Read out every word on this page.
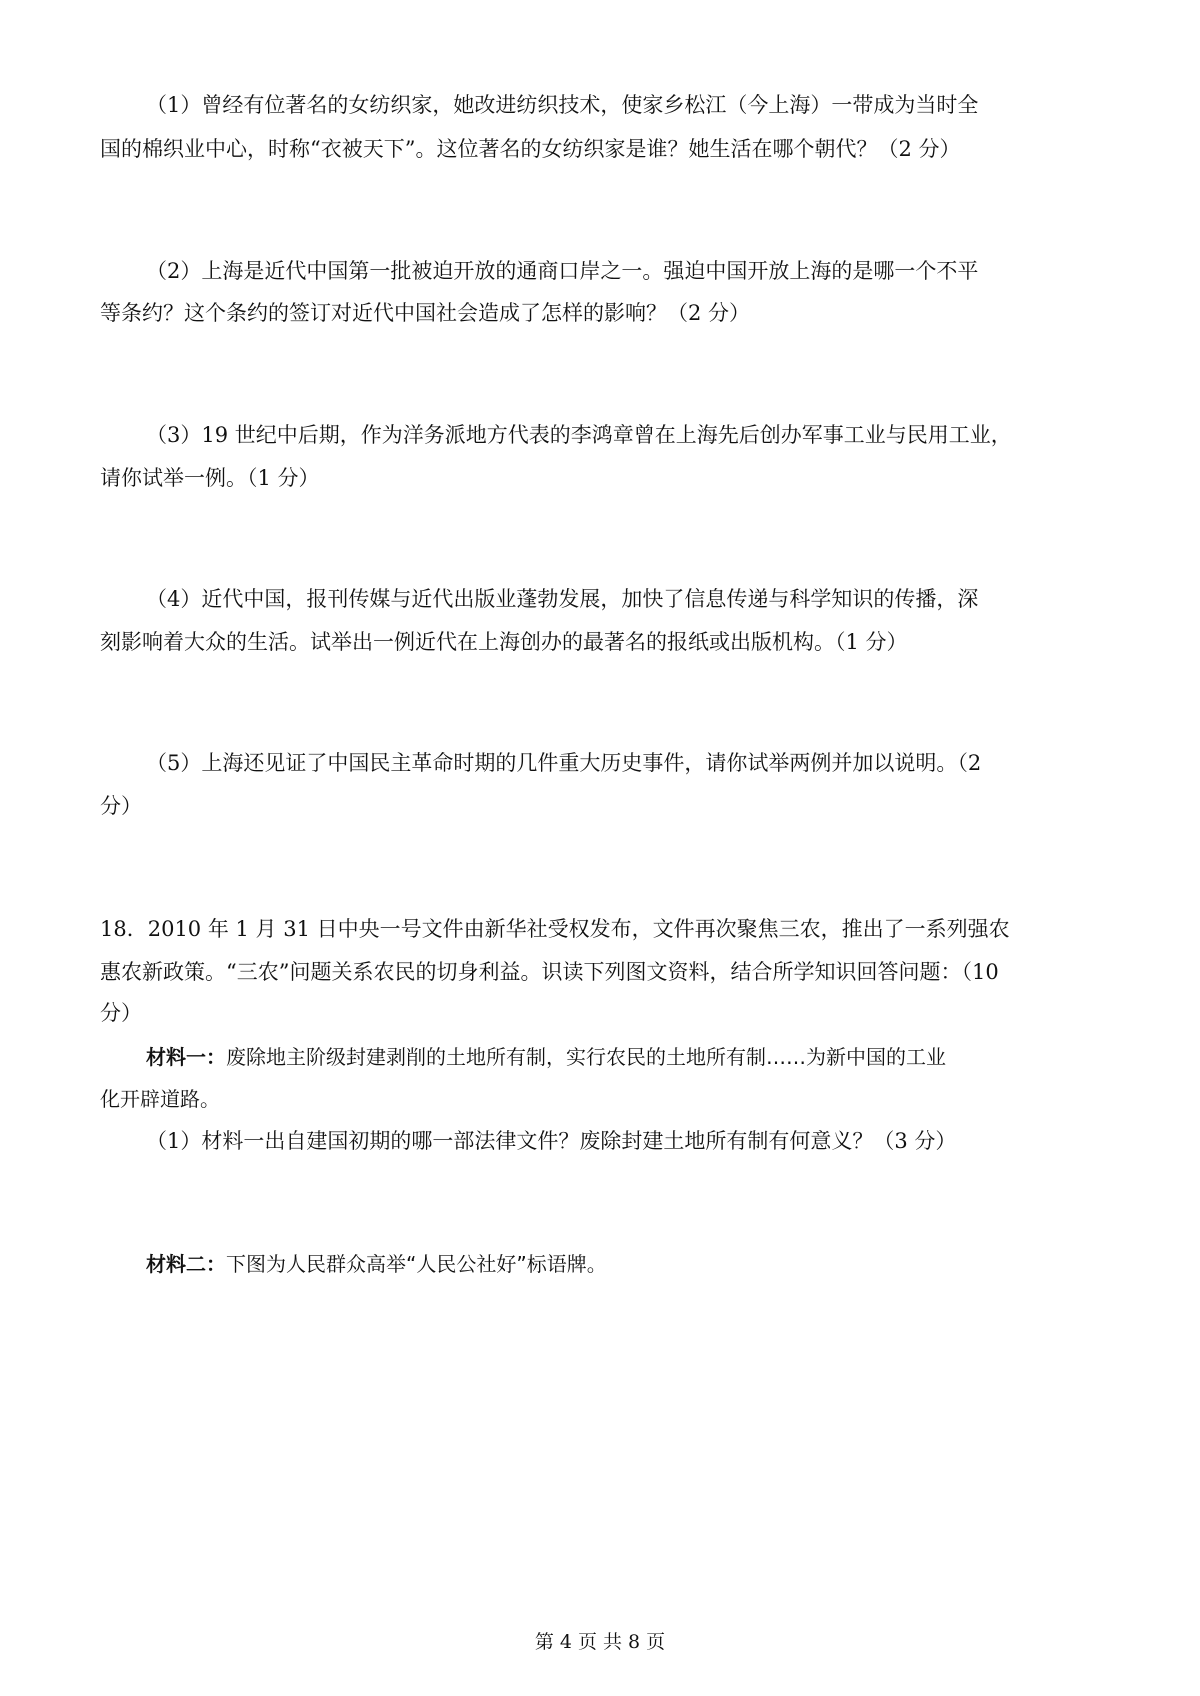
（1）曾经有位著名的女纺织家，她改进纺织技术，使家乡松江（今上海）一带成为当时全
国的棉织业中心，时称“衣被天下”。这位著名的女纺织家是谁？她生活在哪个朝代？（2 分）
（2）上海是近代中国第一批被迫开放的通商口岸之一。强迫中国开放上海的是哪一个不平
等条约？这个条约的签订对近代中国社会造成了怎样的影响？（2 分）
（3）19 世纪中后期，作为洋务派地方代表的李鸿章曾在上海先后创办军事工业与民用工业，
请你试举一例。（1 分）
（4）近代中国，报刊传媒与近代出版业蓬勃发展，加快了信息传递与科学知识的传播，深
刻影响着大众的生活。试举出一例近代在上海创办的最著名的报纸或出版机构。（1 分）
（5）上海还见证了中国民主革命时期的几件重大历史事件，请你试举两例并加以说明。（2
分）
18．2010 年 1 月 31 日中央一号文件由新华社受权发布，文件再次聚焦三农，推出了一系列强农
惠农新政策。“三农”问题关系农民的切身利益。识读下列图文资料，结合所学知识回答问题：（10
分）
材料一：废除地主阶级封建剥削的土地所有制，实行农民的土地所有制……为新中国的工业
化开辟道路。
（1）材料一出自建国初期的哪一部法律文件？废除封建土地所有制有何意义？（3 分）
材料二：下图为人民群众高举“人民公社好”标语牌。
第 4 页 共 8 页
